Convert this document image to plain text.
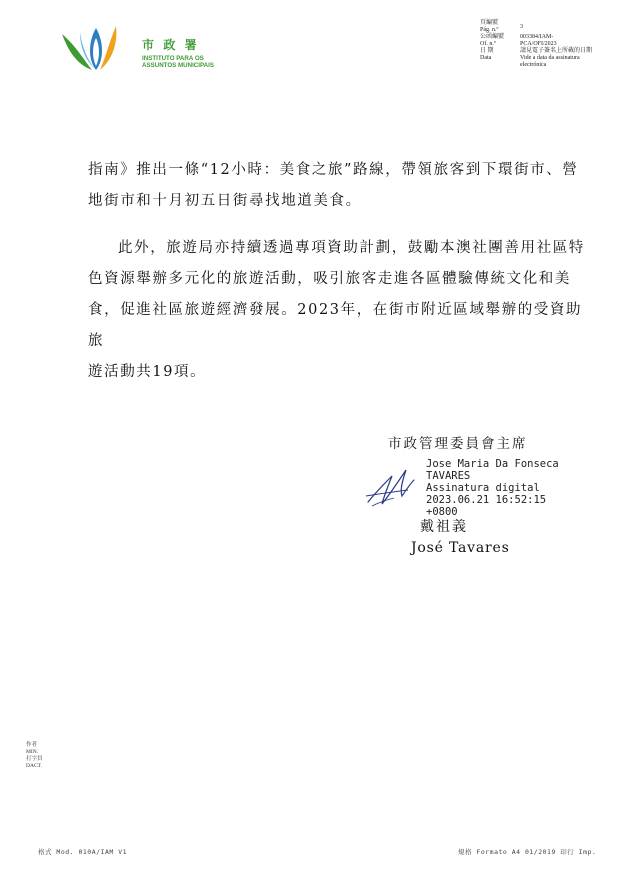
市 政 署
INSTITUTO PARA OS
ASSUNTOS MUNICIPAIS
頁編號
Pág. n.º	3
公函編號
Of. n.º
003384/IAM-
PCA/OFI/2023
日 期
Data
請見電子簽名上所載的日期
Vide a data da assinatura
electrónica
指南》推出一條“12小時：美食之旅”路線，帶領旅客到下環街市、營
地街市和十月初五日街尋找地道美食。
此外，旅遊局亦持續透過專項資助計劃，鼓勵本澳社團善用社區特
色資源舉辦多元化的旅遊活動，吸引旅客走進各區體驗傳統文化和美
食，促進社區旅遊經濟發展。2023年，在街市附近區域舉辦的受資助旅
遊活動共19項。
市政管理委員會主席
Jose Maria Da Fonseca
TAVARES
Assinatura digital
2023.06.21 16:52:15
+0800
戴祖義
José Tavares
作者
MIN.
打字員
DACT.
格式 Mod. 010A/IAM V1	規格 Formato A4 01/2019 印行 Imp.
